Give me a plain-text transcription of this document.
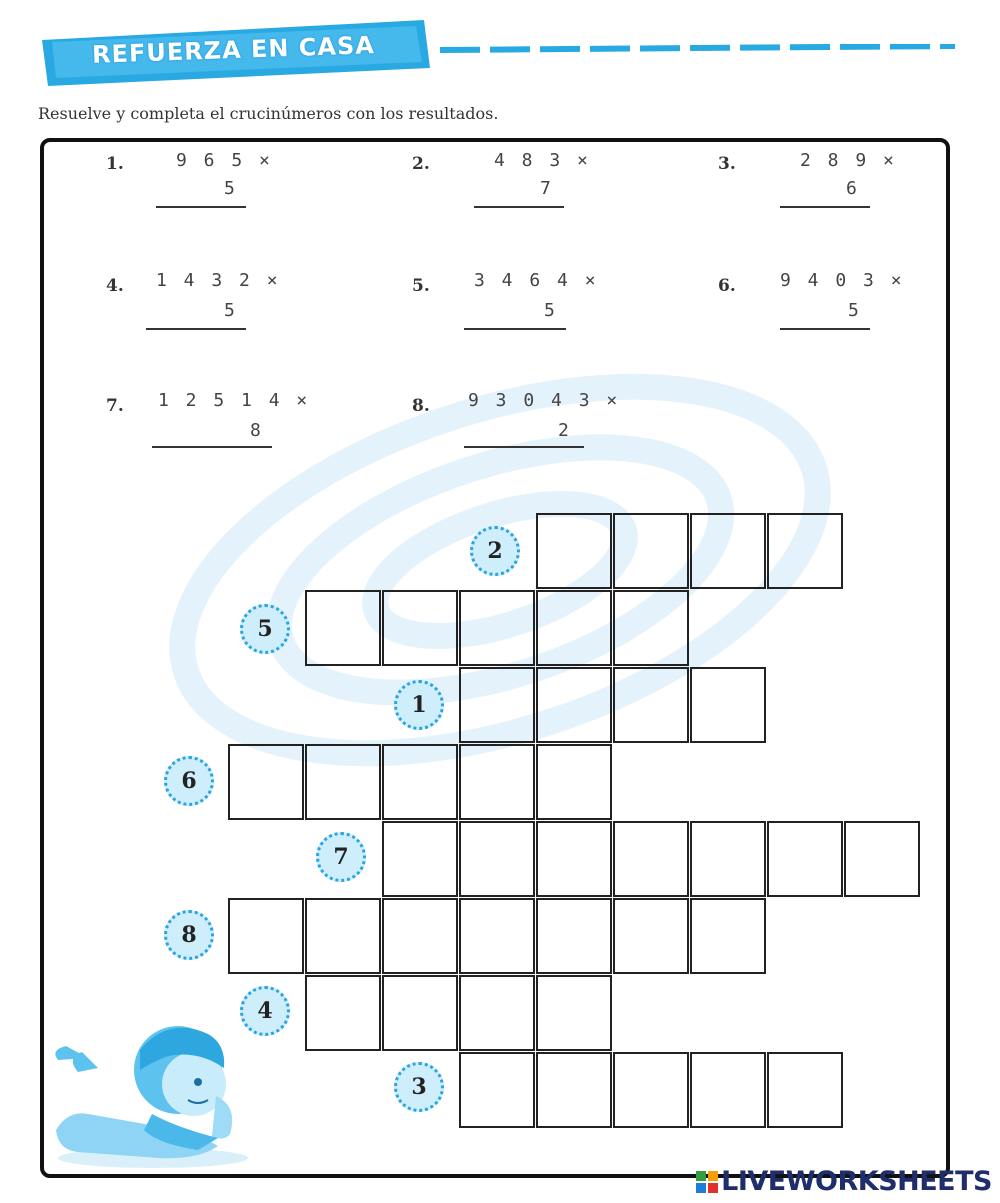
REFUERZA EN CASA
Resuelve y completa el crucinúmeros con los resultados.
1.	9 6 5 ×
5
2.	4 8 3 ×
7
3.	2 8 9 ×
6
4. 1 4 3 2 ×
5
5. 3 4 6 4 ×
5
6. 9 4 0 3 ×
5
7. 1 2 5 1 4 ×
8
8. 9 3 0 4 3 ×
2
2
5
1
6
7
8
4
3
LIVEWORKSHEETS
